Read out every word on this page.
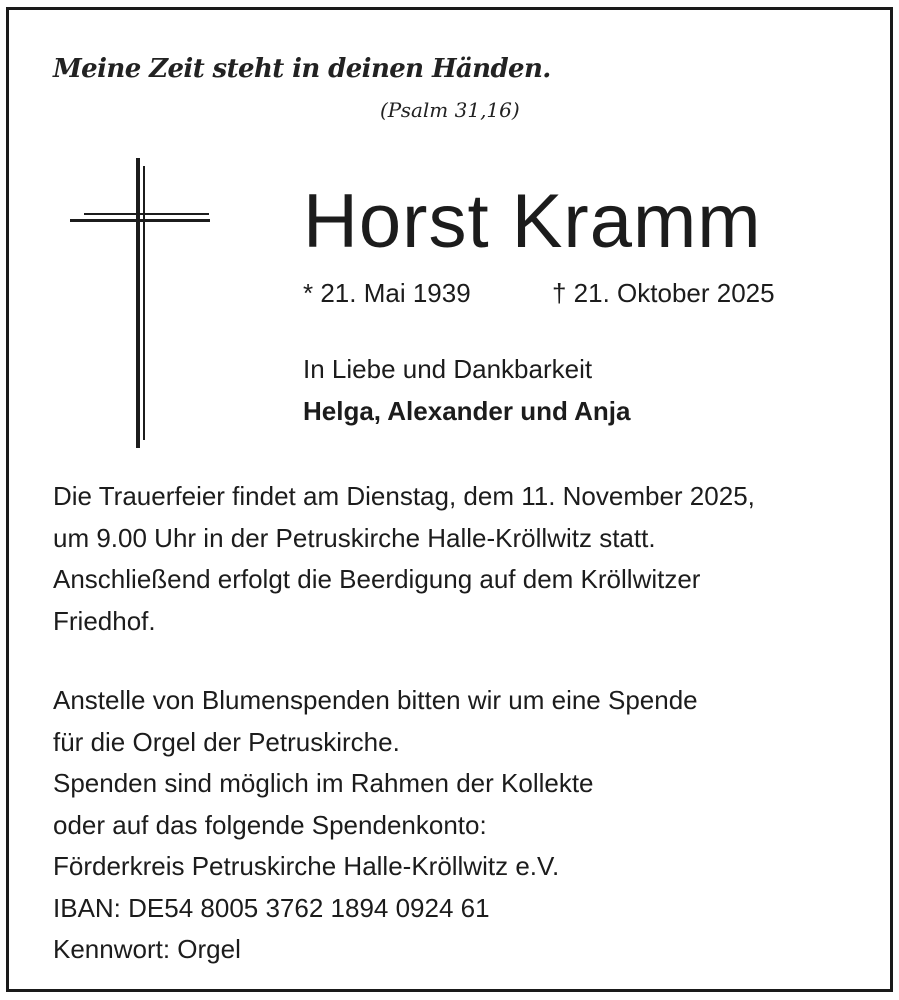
Meine Zeit steht in deinen Händen.
(Psalm 31,16)
Horst Kramm
* 21. Mai 1939	† 21. Oktober 2025
In Liebe und Dankbarkeit
Helga, Alexander und Anja
Die Trauerfeier findet am Dienstag, dem 11. November 2025,
um 9.00 Uhr in der Petruskirche Halle-Kröllwitz statt.
Anschließend erfolgt die Beerdigung auf dem Kröllwitzer
Friedhof.
Anstelle von Blumenspenden bitten wir um eine Spende
für die Orgel der Petruskirche.
Spenden sind möglich im Rahmen der Kollekte
oder auf das folgende Spendenkonto:
Förderkreis Petruskirche Halle-Kröllwitz e.V.
IBAN: DE54 8005 3762 1894 0924 61
Kennwort: Orgel
